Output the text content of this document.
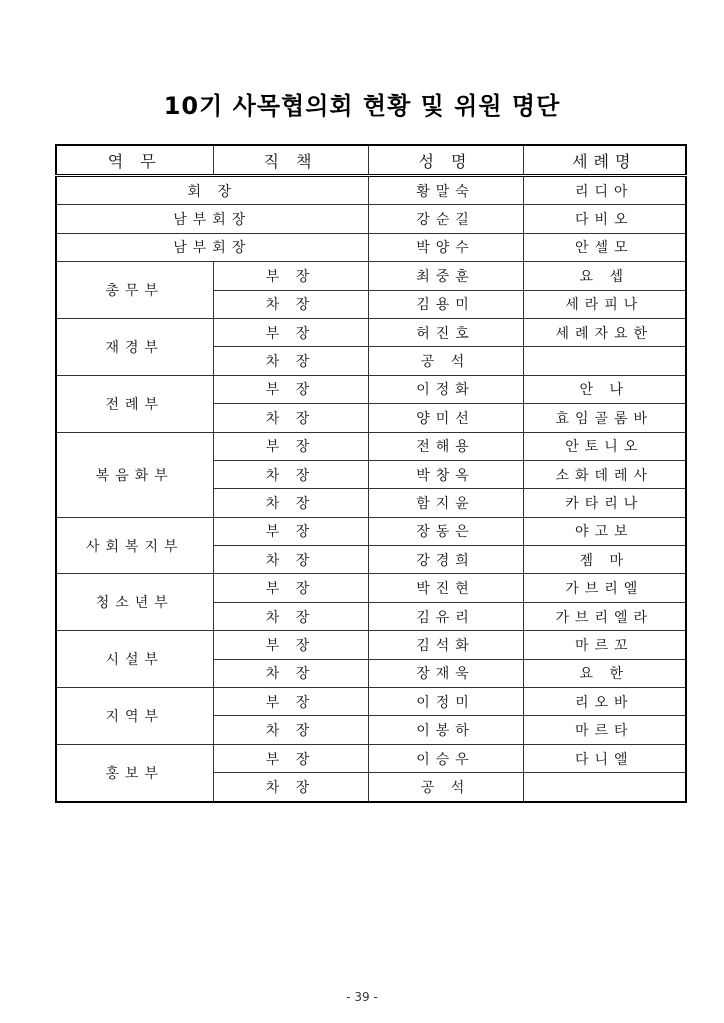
10기 사목협의회 현황 및 위원 명단
역 무	직 책	성 명	세례명
회 장		황말숙	리디아
남부회장		강순길	다비오
남부회장		박양수	안셀모
총무부	부 장	최중훈	요 셉
	차 장	김용미	세라피나
재경부	부 장	허진호	세례자요한
	차 장	공 석	
전례부	부 장	이정화	안 나
	차 장	양미선	효임골롬바
복음화부	부 장	전해용	안토니오
	차 장	박창옥	소화데레사
	차 장	함지윤	카타리나
사회복지부	부 장	장동은	야고보
	차 장	강경희	젬 마
청소년부	부 장	박진현	가브리엘
	차 장	김유리	가브리엘라
시설부	부 장	김석화	마르꼬
	차 장	장재욱	요 한
지역부	부 장	이정미	리오바
	차 장	이봉하	마르타
홍보부	부 장	이승우	다니엘
	차 장	공 석	
- 39 -
